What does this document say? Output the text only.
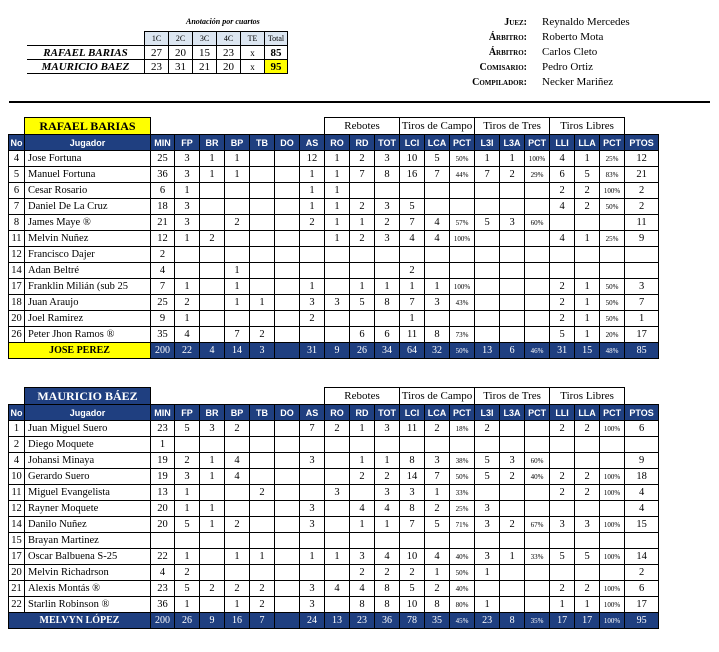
Anotación por cuartos
	1C	2C	3C	4C	TE	Total
RAFAEL BARIAS	27	20	15	23	x	85
MAURICIO BAEZ	23	31	21	20	x	95
Juez: Reynaldo Mercedes
Árbitro: Roberto Mota
Árbitro: Carlos Cleto
Comisario: Pedro Ortiz
Compilador: Necker Mariñez
	RAFAEL BARIAS								Rebotes			Tiros de Campo			Tiros de Tres			Tiros Libres			
No	Jugador	MIN	FP	BR	BP	TB	DO	AS	RO	RD	TOT	LCI	LCA	PCT	L3I	L3A	PCT	LLI	LLA	PCT	PTOS
4	Jose Fortuna	25	3	1	1			12	1	2	3	10	5	50%	1	1	100%	4	1	25%	12
5	Manuel Fortuna	36	3	1	1			1	1	7	8	16	7	44%	7	2	29%	6	5	83%	21
6	Cesar Rosario	6	1					1	1									2	2	100%	2
7	Daniel De La Cruz	18	3					1	1	2	3	5						4	2	50%	2
8	James Maye ®	21	3		2			2	1	1	2	7	4	57%	5	3	60%				11
11	Melvin Nuñez	12	1	2					1	2	3	4	4	100%				4	1	25%	9
12	Francisco Dajer	2																			
14	Adan Beltré	4			1							2									
17	Franklin Milián (sub 25	7	1		1			1		1	1	1	1	100%				2	1	50%	3
18	Juan Araujo	25	2		1	1		3	3	5	8	7	3	43%				2	1	50%	7
20	Joel Ramirez	9	1					2				1						2	1	50%	1
26	Peter Jhon Ramos ®	35	4		7	2				6	6	11	8	73%				5	1	20%	17
JOSE PEREZ		200	22	4	14	3		31	9	26	34	64	32	50%	13	6	46%	31	15	48%	85
	MAURICIO BÁEZ								Rebotes			Tiros de Campo			Tiros de Tres			Tiros Libres			
No	Jugador	MIN	FP	BR	BP	TB	DO	AS	RO	RD	TOT	LCI	LCA	PCT	L3I	L3A	PCT	LLI	LLA	PCT	PTOS
1	Juan Miguel Suero	23	5	3	2			7	2	1	3	11	2	18%	2			2	2	100%	6
2	Diego Moquete	1																			
4	Johansi Minaya	19	2	1	4			3		1	1	8	3	38%	5	3	60%				9
10	Gerardo Suero	19	3	1	4					2	2	14	7	50%	5	2	40%	2	2	100%	18
11	Miguel Evangelista	13	1			2			3		3	3	1	33%				2	2	100%	4
12	Rayner Moquete	20	1	1				3		4	4	8	2	25%	3						4
14	Danilo Nuñez	20	5	1	2			3		1	1	7	5	71%	3	2	67%	3	3	100%	15
15	Brayan Martinez																				
17	Oscar Balbuena S-25	22	1		1	1		1	1	3	4	10	4	40%	3	1	33%	5	5	100%	14
20	Melvin Richadrson	4	2							2	2	2	1	50%	1						2
21	Alexis Montás ®	23	5	2	2	2		3	4	4	8	5	2	40%				2	2	100%	6
22	Starlin Robinson ®	36	1		1	2		3		8	8	10	8	80%	1			1	1	100%	17
MELVYN LÓPEZ		200	26	9	16	7		24	13	23	36	78	35	45%	23	8	35%	17	17	100%	95
